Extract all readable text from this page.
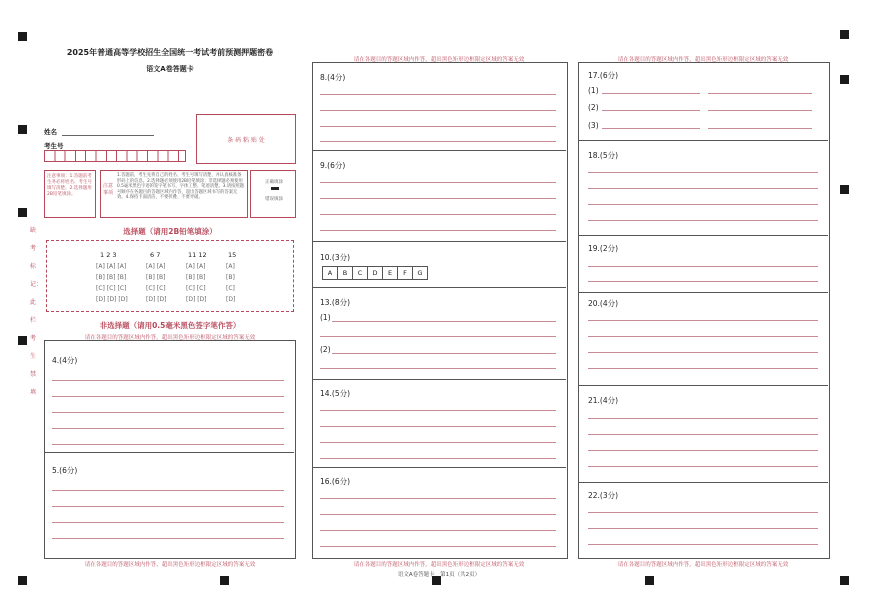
2025年普通高等学校招生全国统一考试考前预测押题密卷
语文A卷答题卡
姓名
考生号
条 码 粘 贴 处
注意事项：1.答题前考生务必将姓名、考生号填写清楚。2.选择题用2B铅笔填涂。
注意事项
1.答题前，考生先将自己的姓名、考生号填写清楚，并认真核准条形码上的信息。2.选择题必须使用2B铅笔填涂；非选择题必须使用0.5毫米黑色字迹的签字笔书写，字体工整、笔迹清楚。3.请按照题号顺序在各题目的答题区域内作答，超出答题区域书写的答案无效。4.保持卡面清洁，不要折叠、不要弄破。
正确填涂
错误填涂
缺考标记：此栏考生禁填
选择题（请用2B铅笔填涂）
1 2 3
[A] [A] [A]
[B] [B] [B]
[C] [C] [C]
[D] [D] [D]
6 7
[A] [A]
[B] [B]
[C] [C]
[D] [D]
11 12
[A] [A]
[B] [B]
[C] [C]
[D] [D]
15
[A]
[B]
[C]
[D]
非选择题（请用0.5毫米黑色签字笔作答）
请在各题目的答题区域内作答，超出黑色矩形边框限定区域的答案无效
4.(4分)
5.(6分)
请在各题目的答题区域内作答，超出黑色矩形边框限定区域的答案无效
请在各题目的答题区域内作答，超出黑色矩形边框限定区域的答案无效
8.(4分)
9.(6分)
10.(3分)
A	B	C	D	E	F	G
13.(8分)
(1)
(2)
14.(5分)
16.(6分)
请在各题目的答题区域内作答，超出黑色矩形边框限定区域的答案无效
语文A卷答题卡　第1页（共2页）
请在各题目的答题区域内作答，超出黑色矩形边框限定区域的答案无效
17.(6分)
(1)
(2)
(3)
18.(5分)
19.(2分)
20.(4分)
21.(4分)
22.(3分)
请在各题目的答题区域内作答，超出黑色矩形边框限定区域的答案无效
